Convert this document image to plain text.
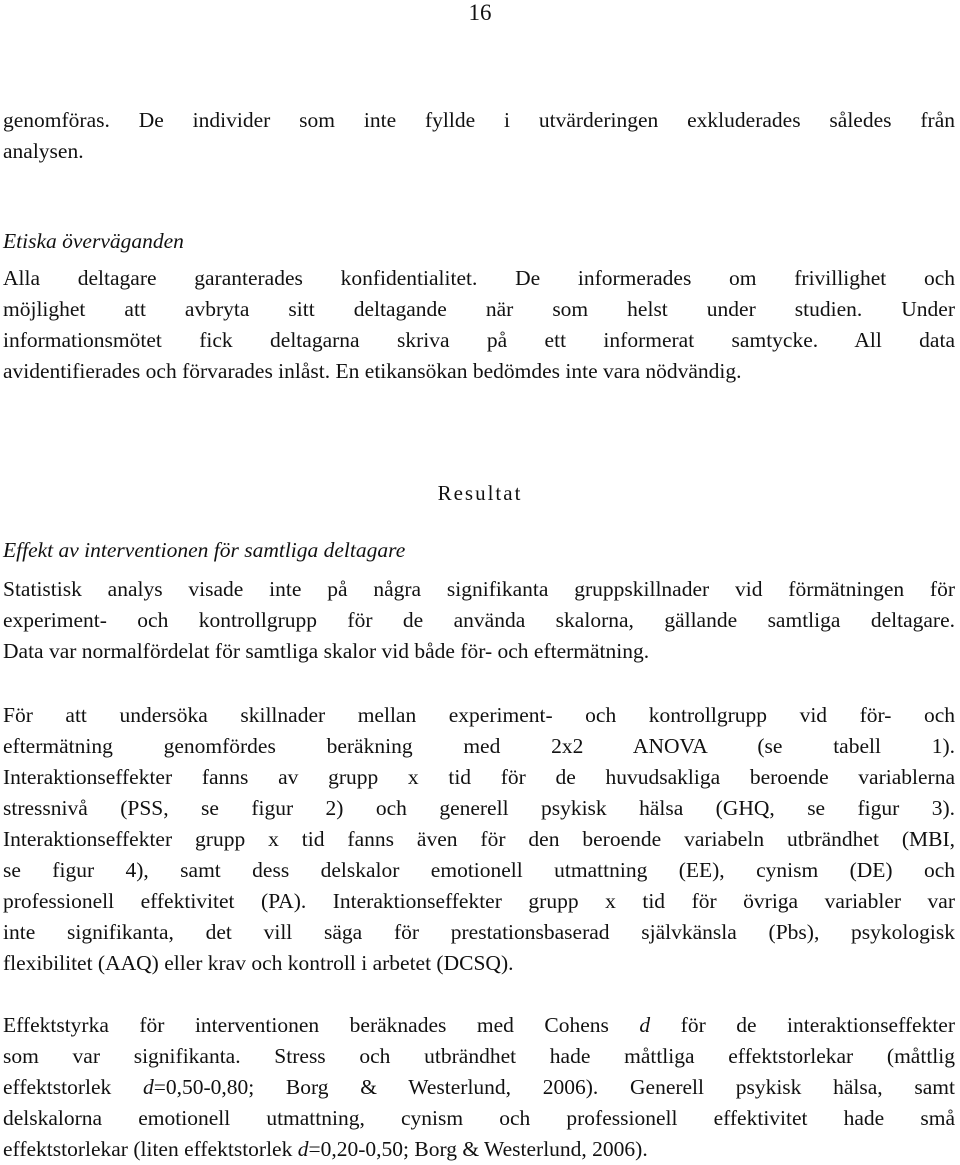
16
genomföras. De individer som inte fyllde i utvärderingen exkluderades således från
analysen.
Etiska överväganden
Alla deltagare garanterades konfidentialitet. De informerades om frivillighet och
möjlighet att avbryta sitt deltagande när som helst under studien. Under
informationsmötet fick deltagarna skriva på ett informerat samtycke. All data
avidentifierades och förvarades inlåst. En etikansökan bedömdes inte vara nödvändig.
Resultat
Effekt av interventionen för samtliga deltagare
Statistisk analys visade inte på några signifikanta gruppskillnader vid förmätningen för
experiment- och kontrollgrupp för de använda skalorna, gällande samtliga deltagare.
Data var normalfördelat för samtliga skalor vid både för- och eftermätning.
För att undersöka skillnader mellan experiment- och kontrollgrupp vid för- och
eftermätning genomfördes beräkning med 2x2 ANOVA (se tabell 1).
Interaktionseffekter fanns av grupp x tid för de huvudsakliga beroende variablerna
stressnivå (PSS, se figur 2) och generell psykisk hälsa (GHQ, se figur 3).
Interaktionseffekter grupp x tid fanns även för den beroende variabeln utbrändhet (MBI,
se figur 4), samt dess delskalor emotionell utmattning (EE), cynism (DE) och
professionell effektivitet (PA). Interaktionseffekter grupp x tid för övriga variabler var
inte signifikanta, det vill säga för prestationsbaserad självkänsla (Pbs), psykologisk
flexibilitet (AAQ) eller krav och kontroll i arbetet (DCSQ).
Effektstyrka för interventionen beräknades med Cohens d för de interaktionseffekter
som var signifikanta. Stress och utbrändhet hade måttliga effektstorlekar (måttlig
effektstorlek d=0,50-0,80; Borg & Westerlund, 2006). Generell psykisk hälsa, samt
delskalorna emotionell utmattning, cynism och professionell effektivitet hade små
effektstorlekar (liten effektstorlek d=0,20-0,50; Borg & Westerlund, 2006).
